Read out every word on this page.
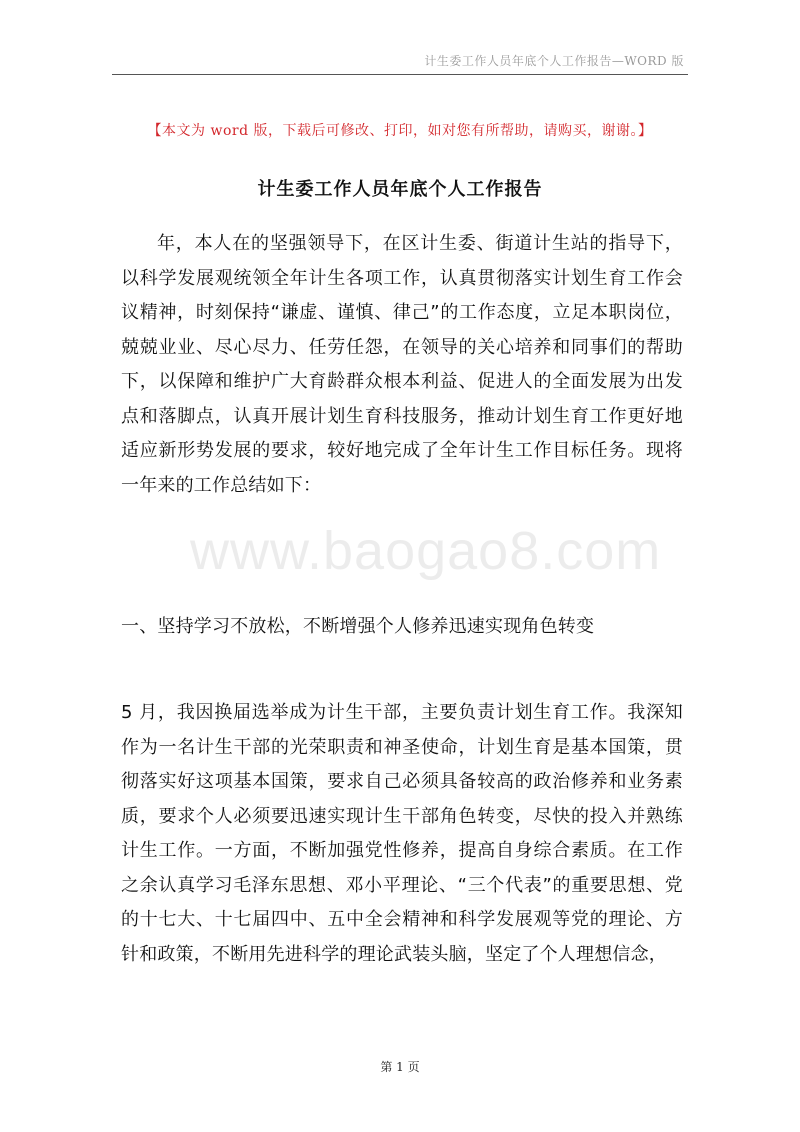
计生委工作人员年底个人工作报告—WORD 版
【本文为 word 版，下载后可修改、打印，如对您有所帮助，请购买，谢谢。】
计生委工作人员年底个人工作报告

年，本人在的坚强领导下，在区计生委、街道计生站的指导下，以科学发展观统领全年计生各项工作，认真贯彻落实计划生育工作会议精神，时刻保持“谦虚、谨慎、律己”的工作态度，立足本职岗位，兢兢业业、尽心尽力、任劳任怨，在领导的关心培养和同事们的帮助下，以保障和维护广大育龄群众根本利益、促进人的全面发展为出发点和落脚点，认真开展计划生育科技服务，推动计划生育工作更好地适应新形势发展的要求，较好地完成了全年计生工作目标任务。现将一年来的工作总结如下：

www.baogao8.com

一、坚持学习不放松，不断增强个人修养迅速实现角色转变

5 月，我因换届选举成为计生干部，主要负责计划生育工作。我深知作为一名计生干部的光荣职责和神圣使命，计划生育是基本国策，贯彻落实好这项基本国策，要求自己必须具备较高的政治修养和业务素质，要求个人必须要迅速实现计生干部角色转变，尽快的投入并熟练计生工作。一方面，不断加强党性修养，提高自身综合素质。在工作之余认真学习毛泽东思想、邓小平理论、“三个代表”的重要思想、党的十七大、十七届四中、五中全会精神和科学发展观等党的理论、方针和政策，不断用先进科学的理论武装头脑，坚定了个人理想信念，

第 1 页
